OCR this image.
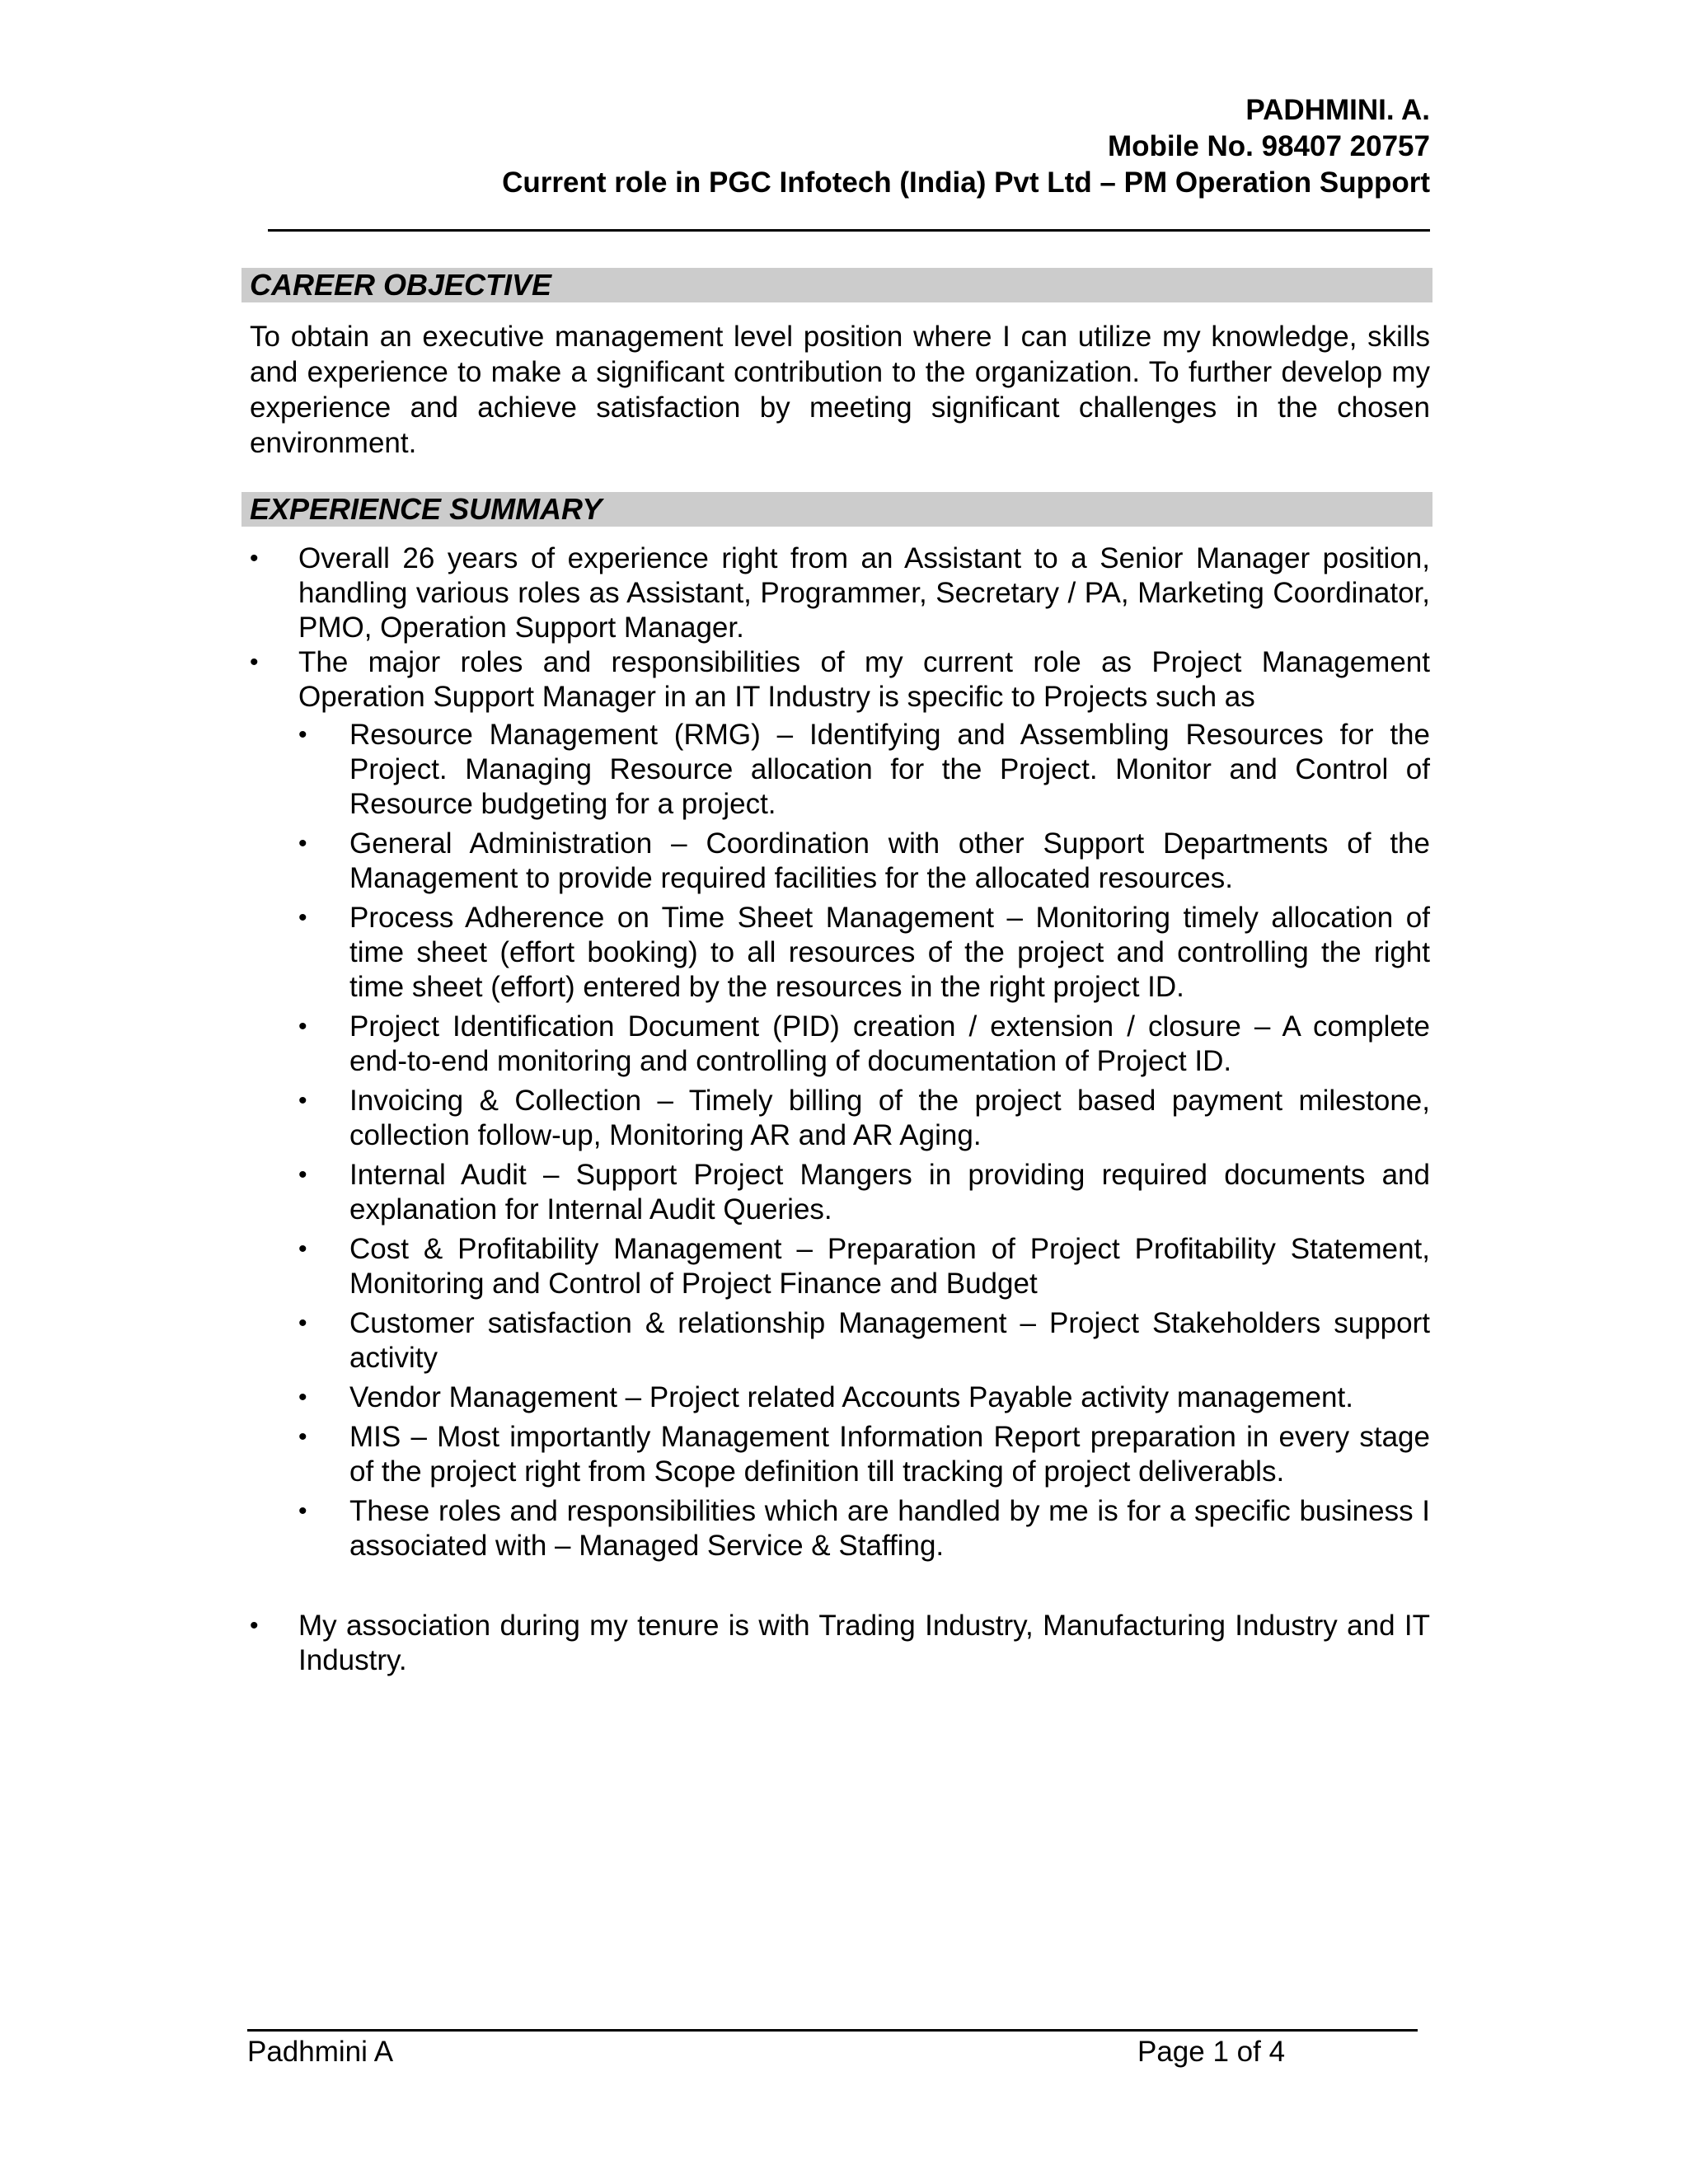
PADHMINI. A.
Mobile No. 98407 20757
Current role in PGC Infotech (India) Pvt Ltd – PM Operation Support
CAREER OBJECTIVE
To obtain an executive management level position where I can utilize my knowledge, skills and experience to make a significant contribution to the organization. To further develop my experience and achieve satisfaction by meeting significant challenges in the chosen environment.
EXPERIENCE SUMMARY
• Overall 26 years of experience right from an Assistant to a Senior Manager position, handling various roles as Assistant, Programmer, Secretary / PA, Marketing Coordinator, PMO, Operation Support Manager.
• The major roles and responsibilities of my current role as Project Management Operation Support Manager in an IT Industry is specific to Projects such as
• Resource Management (RMG) – Identifying and Assembling Resources for the Project. Managing Resource allocation for the Project. Monitor and Control of Resource budgeting for a project.
• General Administration – Coordination with other Support Departments of the Management to provide required facilities for the allocated resources.
• Process Adherence on Time Sheet Management – Monitoring timely allocation of time sheet (effort booking) to all resources of the project and controlling the right time sheet (effort) entered by the resources in the right project ID.
• Project Identification Document (PID) creation / extension / closure – A complete end-to-end monitoring and controlling of documentation of Project ID.
• Invoicing & Collection – Timely billing of the project based payment milestone, collection follow-up, Monitoring AR and AR Aging.
• Internal Audit – Support Project Mangers in providing required documents and explanation for Internal Audit Queries.
• Cost & Profitability Management – Preparation of Project Profitability Statement, Monitoring and Control of Project Finance and Budget
• Customer satisfaction & relationship Management – Project Stakeholders support activity
• Vendor Management – Project related Accounts Payable activity management.
• MIS – Most importantly Management Information Report preparation in every stage of the project right from Scope definition till tracking of project deliverabls.
• These roles and responsibilities which are handled by me is for a specific business I associated with – Managed Service & Staffing.
• My association during my tenure is with Trading Industry, Manufacturing Industry and IT Industry.
Padhmini A	Page 1 of 4
